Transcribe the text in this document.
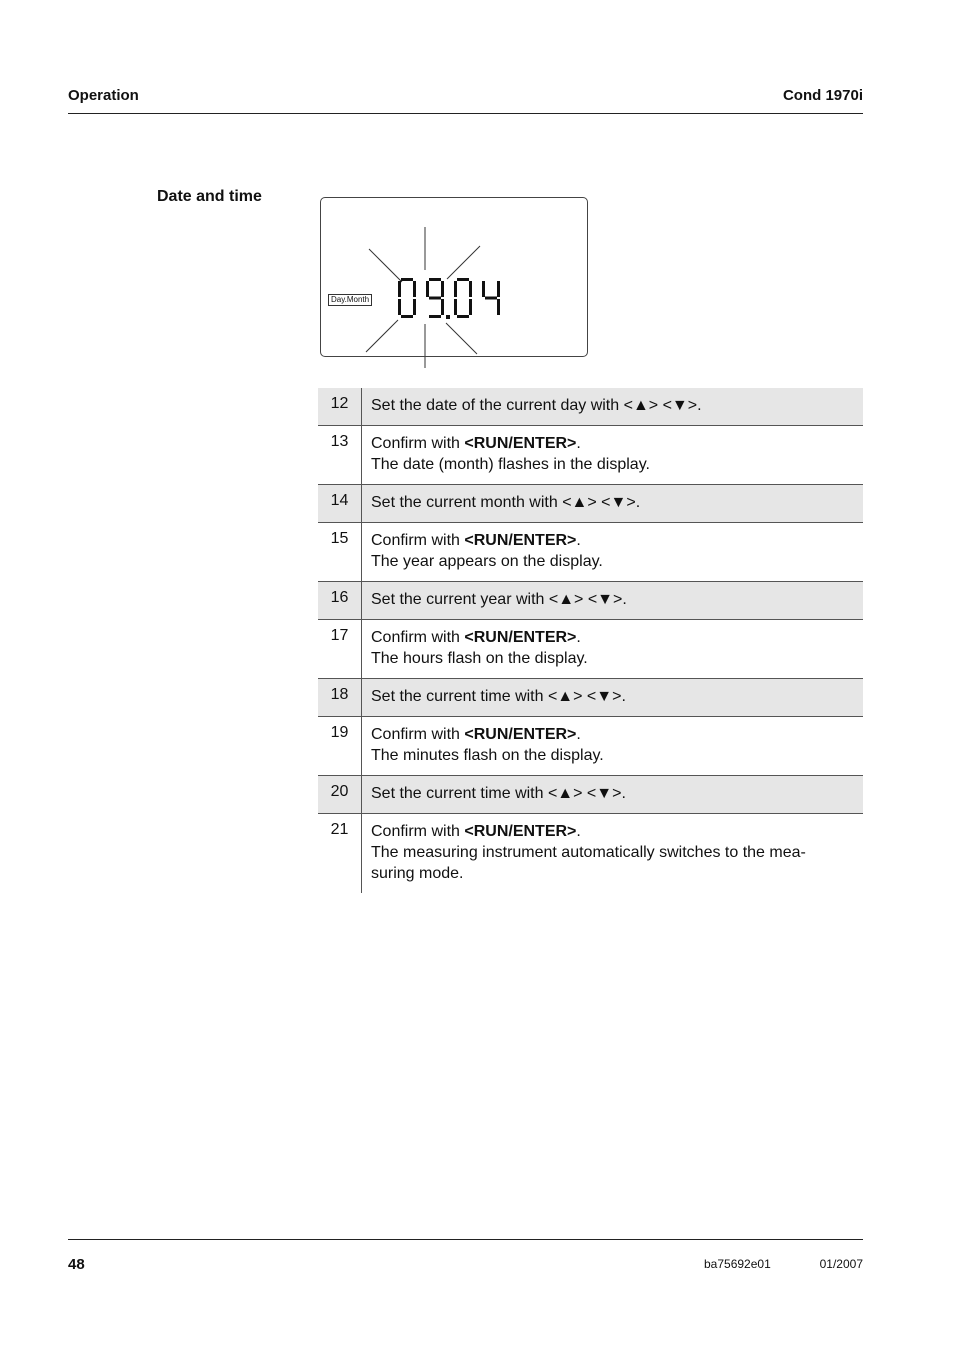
Operation	Cond 1970i
Date and time
Day.Month
12	Set the date of the current day with <▲> <▼>.

13	Confirm with <RUN/ENTER>.
The date (month) flashes in the display.

14	Set the current month with <▲> <▼>.

15	Confirm with <RUN/ENTER>.
The year appears on the display.

16	Set the current year with <▲> <▼>.

17	Confirm with <RUN/ENTER>.
The hours flash on the display.

18	Set the current time with <▲> <▼>.

19	Confirm with <RUN/ENTER>.
The minutes flash on the display.

20	Set the current time with <▲> <▼>.

21	Confirm with <RUN/ENTER>.
The measuring instrument automatically switches to the mea-
suring mode.
48	ba75692e01	01/2007
